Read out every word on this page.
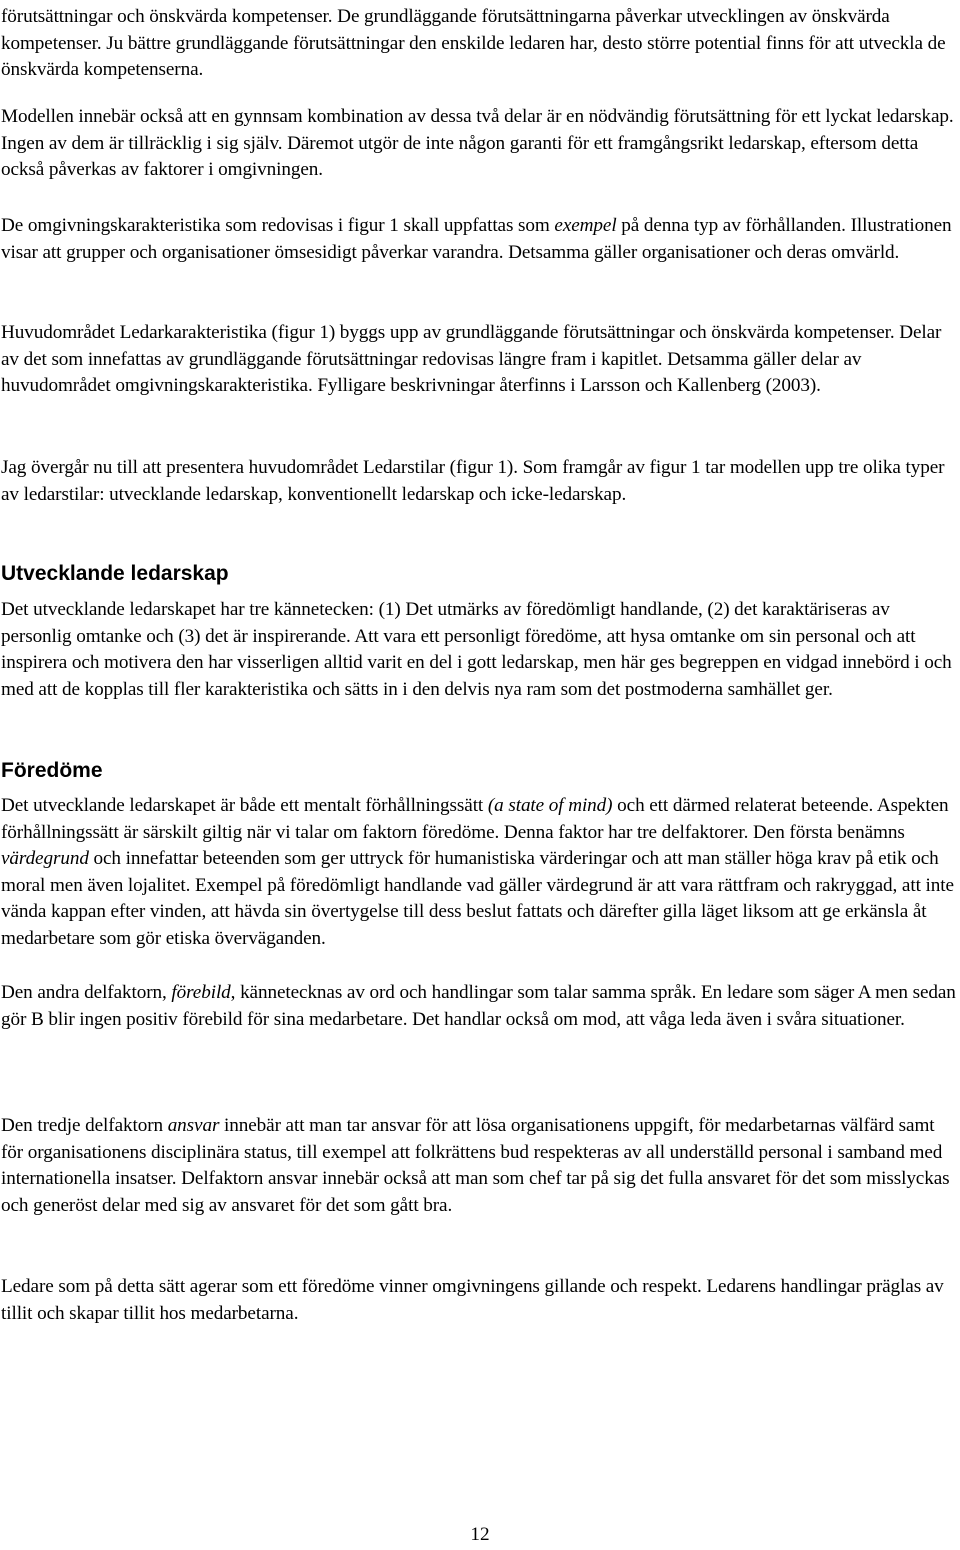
förutsättningar och önskvärda kompetenser. De grundläggande förutsättningarna påverkar utvecklingen av önskvärda kompetenser. Ju bättre grundläggande förutsättningar den enskilde ledaren har, desto större potential finns för att utveckla de önskvärda kompetenserna.

Modellen innebär också att en gynnsam kombination av dessa två delar är en nödvändig förutsättning för ett lyckat ledarskap. Ingen av dem är tillräcklig i sig själv. Däremot utgör de inte någon garanti för ett framgångsrikt ledarskap, eftersom detta också påverkas av faktorer i omgivningen.

De omgivningskarakteristika som redovisas i figur 1 skall uppfattas som exempel på denna typ av förhållanden. Illustrationen visar att grupper och organisationer ömsesidigt påverkar varandra. Detsamma gäller organisationer och deras omvärld.

Huvudområdet Ledarkarakteristika (figur 1) byggs upp av grundläggande förutsättningar och önskvärda kompetenser. Delar av det som innefattas av grundläggande förutsättningar redovisas längre fram i kapitlet. Detsamma gäller delar av huvudområdet omgivningskarakteristika. Fylligare beskrivningar återfinns i Larsson och Kallenberg (2003).

Jag övergår nu till att presentera huvudområdet Ledarstilar (figur 1). Som framgår av figur 1 tar modellen upp tre olika typer av ledarstilar: utvecklande ledarskap, konventionellt ledarskap och icke-ledarskap.

Utvecklande ledarskap

Det utvecklande ledarskapet har tre kännetecken: (1) Det utmärks av föredömligt handlande, (2) det karaktäriseras av personlig omtanke och (3) det är inspirerande. Att vara ett personligt föredöme, att hysa omtanke om sin personal och att inspirera och motivera den har visserligen alltid varit en del i gott ledarskap, men här ges begreppen en vidgad innebörd i och med att de kopplas till fler karakteristika och sätts in i den delvis nya ram som det postmoderna samhället ger.

Föredöme

Det utvecklande ledarskapet är både ett mentalt förhållningssätt (a state of mind) och ett därmed relaterat beteende. Aspekten förhållningssätt är särskilt giltig när vi talar om faktorn föredöme. Denna faktor har tre delfaktorer. Den första benämns värdegrund och innefattar beteenden som ger uttryck för humanistiska värderingar och att man ställer höga krav på etik och moral men även lojalitet. Exempel på föredömligt handlande vad gäller värdegrund är att vara rättfram och rakryggad, att inte vända kappan efter vinden, att hävda sin övertygelse till dess beslut fattats och därefter gilla läget liksom att ge erkänsla åt medarbetare som gör etiska överväganden.

Den andra delfaktorn, förebild, kännetecknas av ord och handlingar som talar samma språk. En ledare som säger A men sedan gör B blir ingen positiv förebild för sina medarbetare. Det handlar också om mod, att våga leda även i svåra situationer.

Den tredje delfaktorn ansvar innebär att man tar ansvar för att lösa organisationens uppgift, för medarbetarnas välfärd samt för organisationens disciplinära status, till exempel att folkrättens bud respekteras av all underställd personal i samband med internationella insatser. Delfaktorn ansvar innebär också att man som chef tar på sig det fulla ansvaret för det som misslyckas och generöst delar med sig av ansvaret för det som gått bra.

Ledare som på detta sätt agerar som ett föredöme vinner omgivningens gillande och respekt. Ledarens handlingar präglas av tillit och skapar tillit hos medarbetarna.

12
